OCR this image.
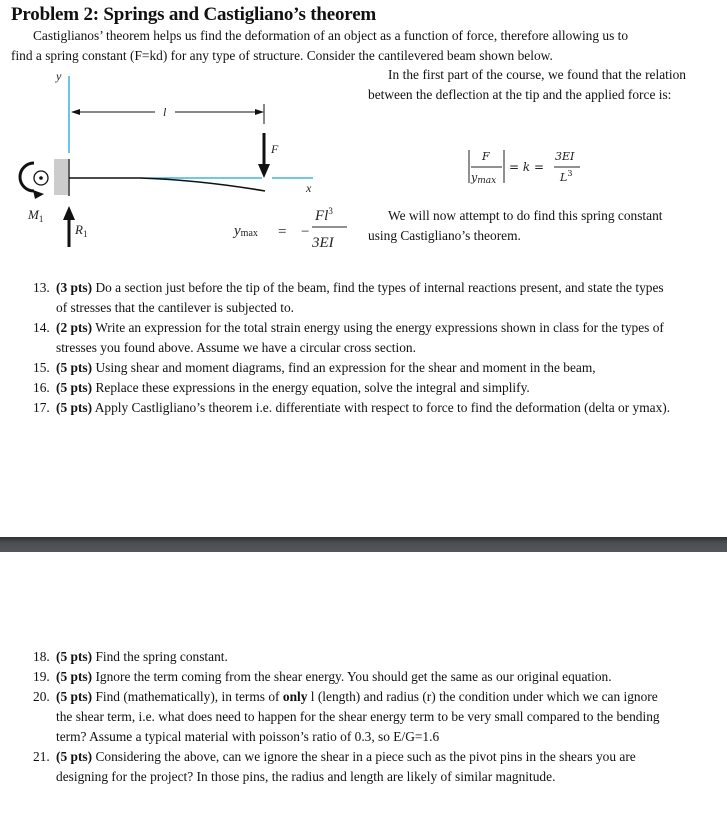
Problem 2: Springs and Castigliano’s theorem
Castiglianos’ theorem helps us find the deformation of an object as a function of force, therefore allowing us to
find a spring constant (F=kd) for any type of structure. Consider the cantilevered beam shown below.
y
l
x
F
$M_1$
$R_1$	ymax = −
$Fl^3$
3EI

In the first part of the course, we found that the relation between the deflection at the tip and the applied force is:

F
ymax
= k =
3EI
$L^3$

We will now attempt to do find this spring constant using Castigliano’s theorem.

13. (3 pts) Do a section just before the tip of the beam, find the types of internal reactions present, and state the types of stresses that the cantilever is subjected to.
14. (2 pts) Write an expression for the total strain energy using the energy expressions shown in class for the types of stresses you found above. Assume we have a circular cross section.
15. (5 pts) Using shear and moment diagrams, find an expression for the shear and moment in the beam,
16. (5 pts) Replace these expressions in the energy equation, solve the integral and simplify.
17. (5 pts) Apply Castligliano’s theorem i.e. differentiate with respect to force to find the deformation (delta or ymax).
18. (5 pts) Find the spring constant.
19. (5 pts) Ignore the term coming from the shear energy. You should get the same as our original equation.
20. (5 pts) Find (mathematically), in terms of only l (length) and radius (r) the condition under which we can ignore the shear term, i.e. what does need to happen for the shear energy term to be very small compared to the bending term? Assume a typical material with poisson’s ratio of 0.3, so E/G=1.6
21. (5 pts) Considering the above, can we ignore the shear in a piece such as the pivot pins in the shears you are designing for the project? In those pins, the radius and length are likely of similar magnitude.
